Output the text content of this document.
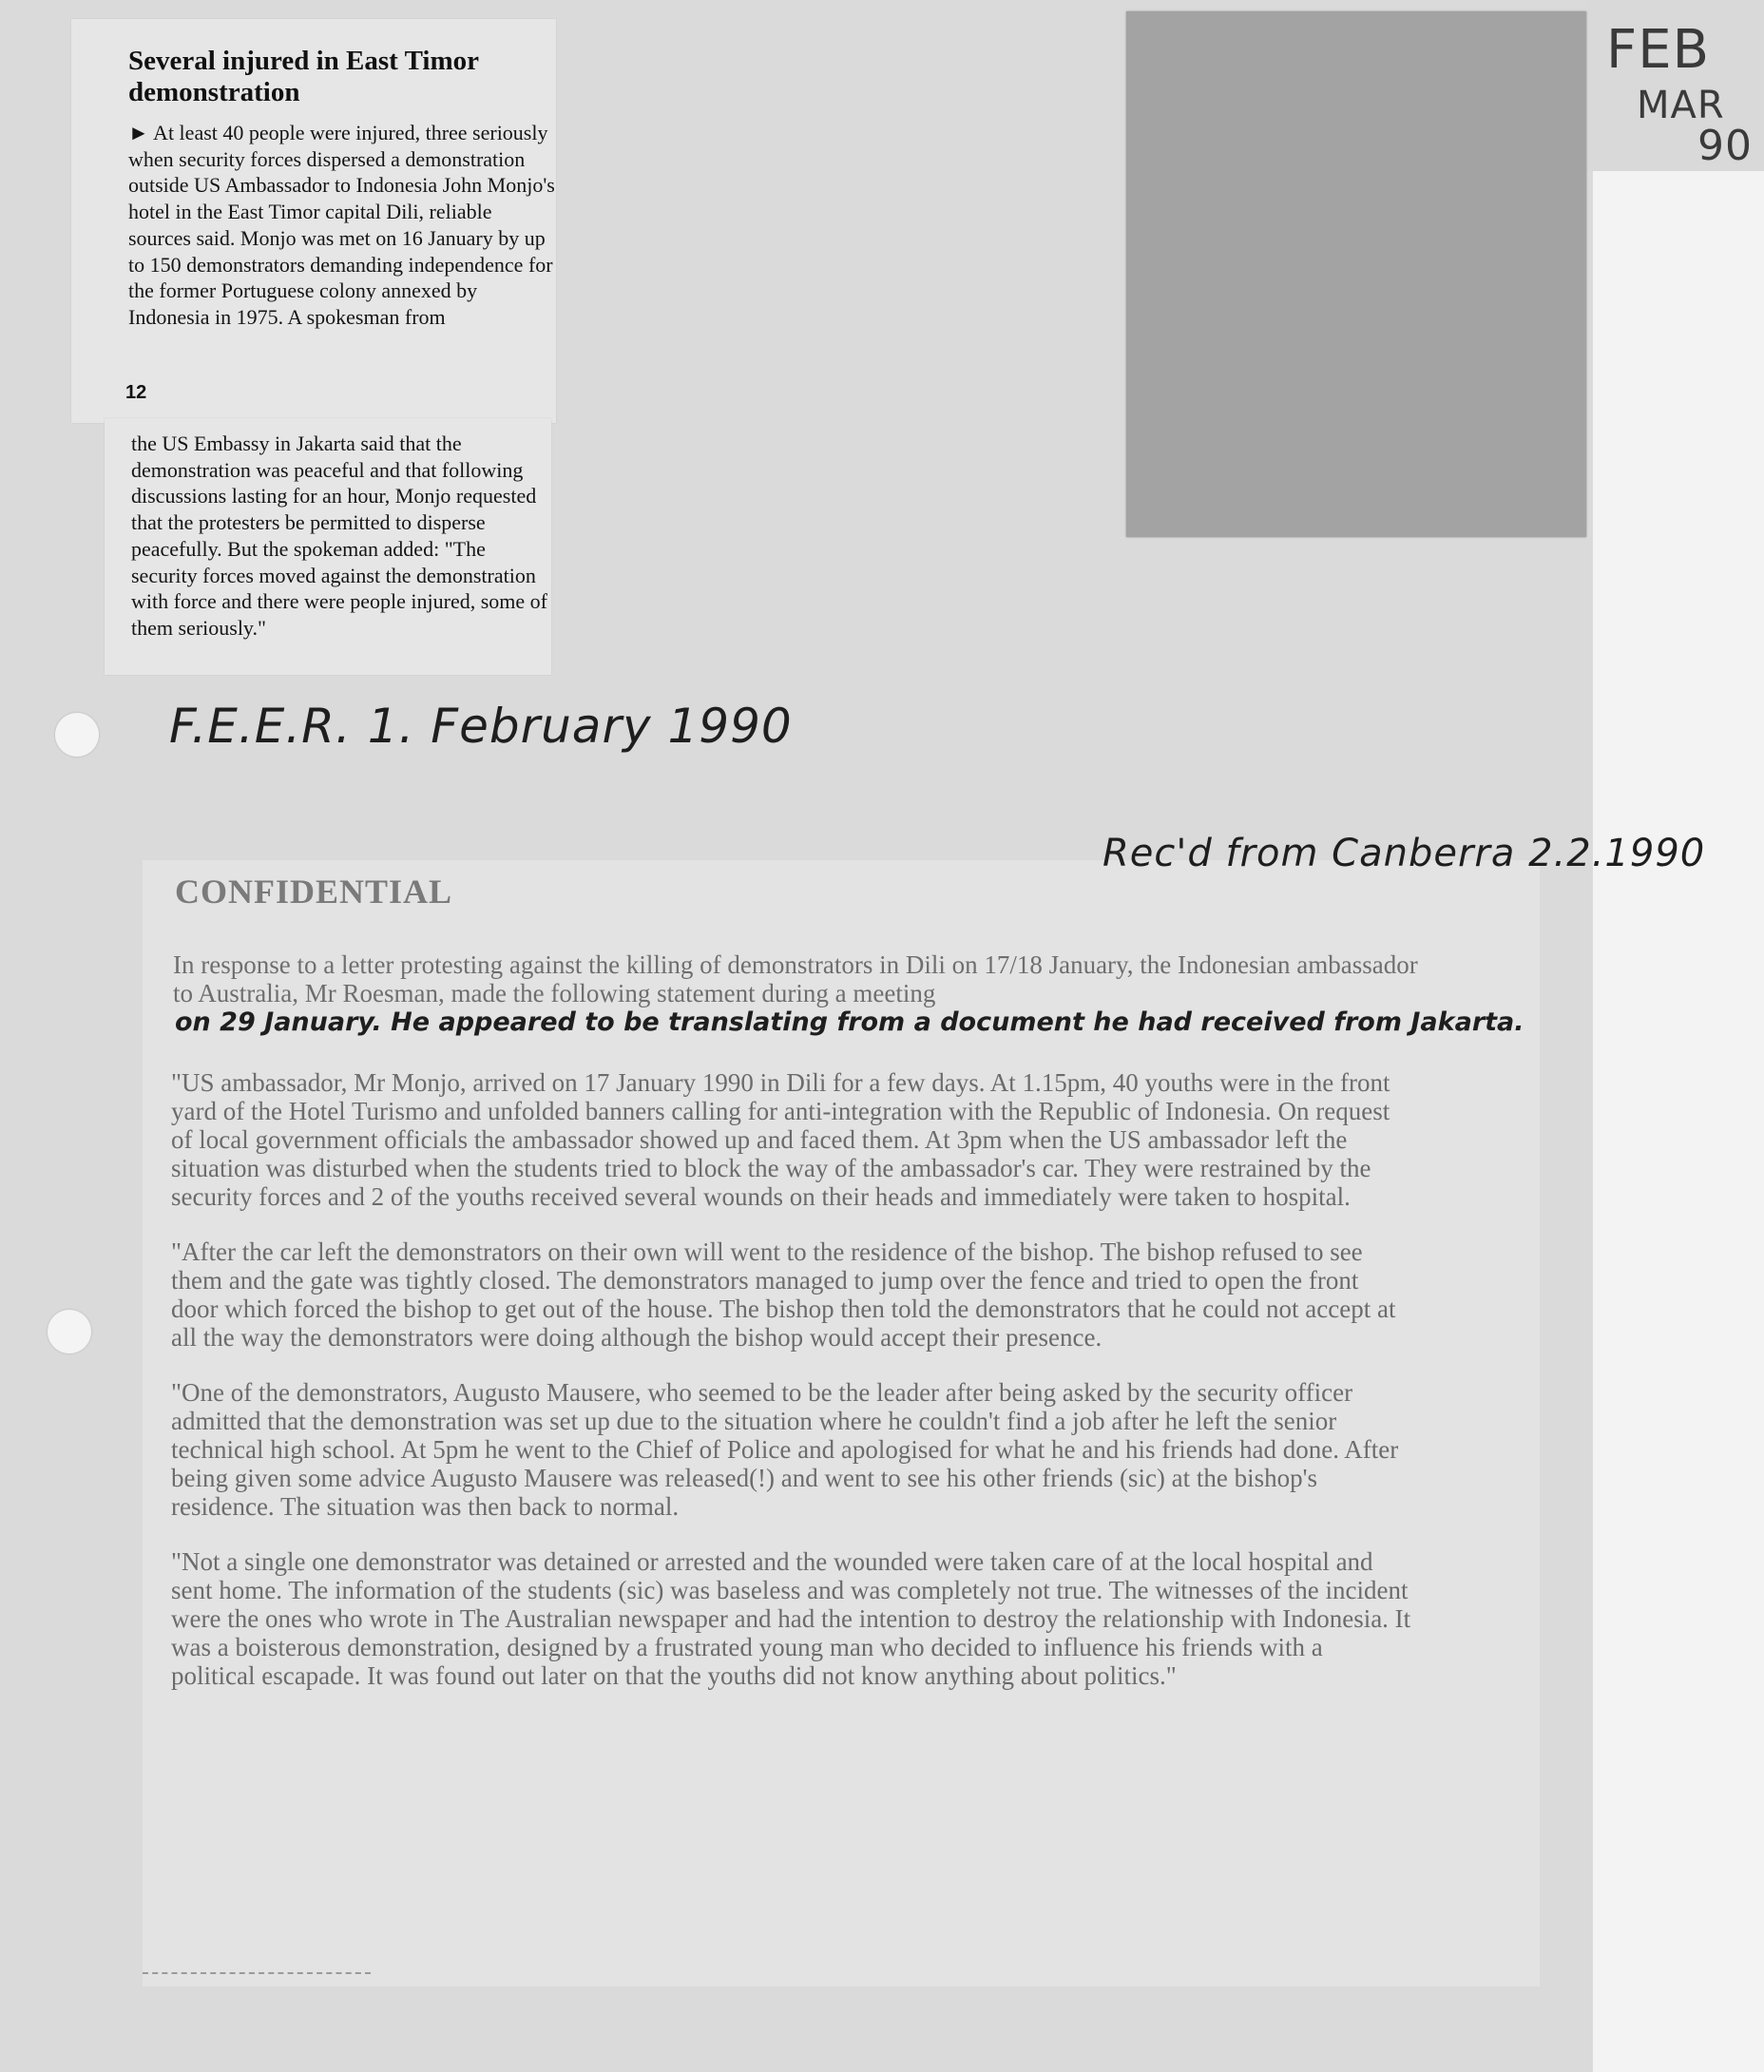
FEB
MAR
90
Several injured in East Timor demonstration
► At least 40 people were injured, three seriously when security forces dispersed a demonstration outside US Ambassador to Indonesia John Monjo's hotel in the East Timor capital Dili, reliable sources said. Monjo was met on 16 January by up to 150 demonstrators demanding independence for the former Portuguese colony annexed by Indonesia in 1975. A spokesman from
12
the US Embassy in Jakarta said that the demonstration was peaceful and that following discussions lasting for an hour, Monjo requested that the protesters be permitted to disperse peacefully. But the spokeman added: "The security forces moved against the demonstration with force and there were people injured, some of them seriously."
F.E.E.R. 1. February 1990
Rec'd from Canberra 2.2.1990
CONFIDENTIAL
In response to a letter protesting against the killing of demonstrators in Dili on 17/18 January, the Indonesian ambassador to Australia, Mr Roesman, made the following statement during a meeting
on 29 January. He appeared to be translating from a document he had received from Jakarta.

"US ambassador, Mr Monjo, arrived on 17 January 1990 in Dili for a few days. At 1.15pm, 40 youths were in the front yard of the Hotel Turismo and unfolded banners calling for anti-integration with the Republic of Indonesia. On request of local government officials the ambassador showed up and faced them. At 3pm when the US ambassador left the situation was disturbed when the students tried to block the way of the ambassador's car. They were restrained by the security forces and 2 of the youths received several wounds on their heads and immediately were taken to hospital.

"After the car left the demonstrators on their own will went to the residence of the bishop. The bishop refused to see them and the gate was tightly closed. The demonstrators managed to jump over the fence and tried to open the front door which forced the bishop to get out of the house. The bishop then told the demonstrators that he could not accept at all the way the demonstrators were doing although the bishop would accept their presence.

"One of the demonstrators, Augusto Mausere, who seemed to be the leader after being asked by the security officer admitted that the demonstration was set up due to the situation where he couldn't find a job after he left the senior technical high school. At 5pm he went to the Chief of Police and apologised for what he and his friends had done. After being given some advice Augusto Mausere was released(!) and went to see his other friends (sic) at the bishop's residence. The situation was then back to normal.

"Not a single one demonstrator was detained or arrested and the wounded were taken care of at the local hospital and sent home. The information of the students (sic) was baseless and was completely not true. The witnesses of the incident were the ones who wrote in The Australian newspaper and had the intention to destroy the relationship with Indonesia. It was a boisterous demonstration, designed by a frustrated young man who decided to influence his friends with a political escapade. It was found out later on that the youths did not know anything about politics."
